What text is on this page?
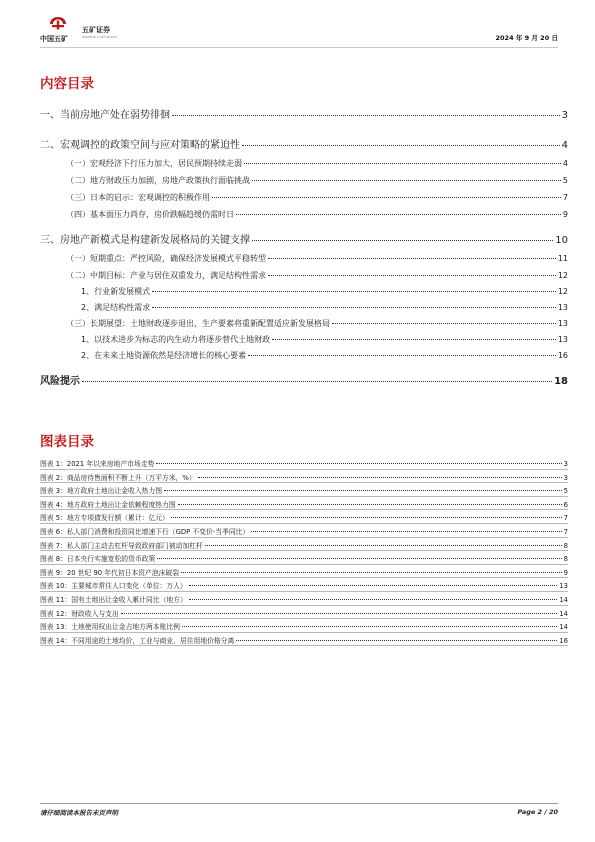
中国五矿
五矿证券
MINMETALS SECURITIES	2024 年 9 月 20 日
内容目录
一、当前房地产处在弱势徘徊	3
二、宏观调控的政策空间与应对策略的紧迫性	4
（一）宏观经济下行压力加大，居民预期持续走弱	4
（二）地方财政压力加剧，房地产政策执行面临挑战	5
（三）日本的启示：宏观调控的积极作用	7
（四）基本面压力尚存，房价跌幅趋缓仍需时日	9
三、房地产新模式是构建新发展格局的关键支撑	10
（一）短期重点：严控风险，确保经济发展模式平稳转型	11
（二）中期目标：产业与居住双重发力，满足结构性需求	12
1、行业新发展模式	12
2、满足结构性需求	13
（三）长期展望：土地财政逐步退出，生产要素将重新配置适应新发展格局	13
1、以技术进步为标志的内生动力将逐步替代土地财政	13
2、在未来土地资源依然是经济增长的核心要素	16
风险提示	18
图表目录
图表 1：2021 年以来房地产市场走势	3
图表 2：商品房待售面积不断上升（万平方米，%）	3
图表 3：地方政府土地出让金收入热力图	5
图表 4：地方政府土地出让金依赖程度热力图	6
图表 5：地方专项债发行额（累计：亿元）	7
图表 6：私人部门消费和投资同比增速下行（GDP 不变价-当季同比）	7
图表 7：私人部门主动去杠杆导致政府部门被动加杠杆	8
图表 8：日本央行实施宽松的货币政策	8
图表 9：20 世纪 90 年代初日本资产泡沫破裂	9
图表 10：主要城市常住人口变化（单位：万人）	13
图表 11：国有土地出让金收入累计同比（地方）	14
图表 12：财政收入与支出	14
图表 13：土地使用权出让金占地方两本账比例	14
图表 14：不同用途的土地均价，工业与商业、居住用地价格分离	16
请仔细阅读本报告末页声明	Page 2 / 20
